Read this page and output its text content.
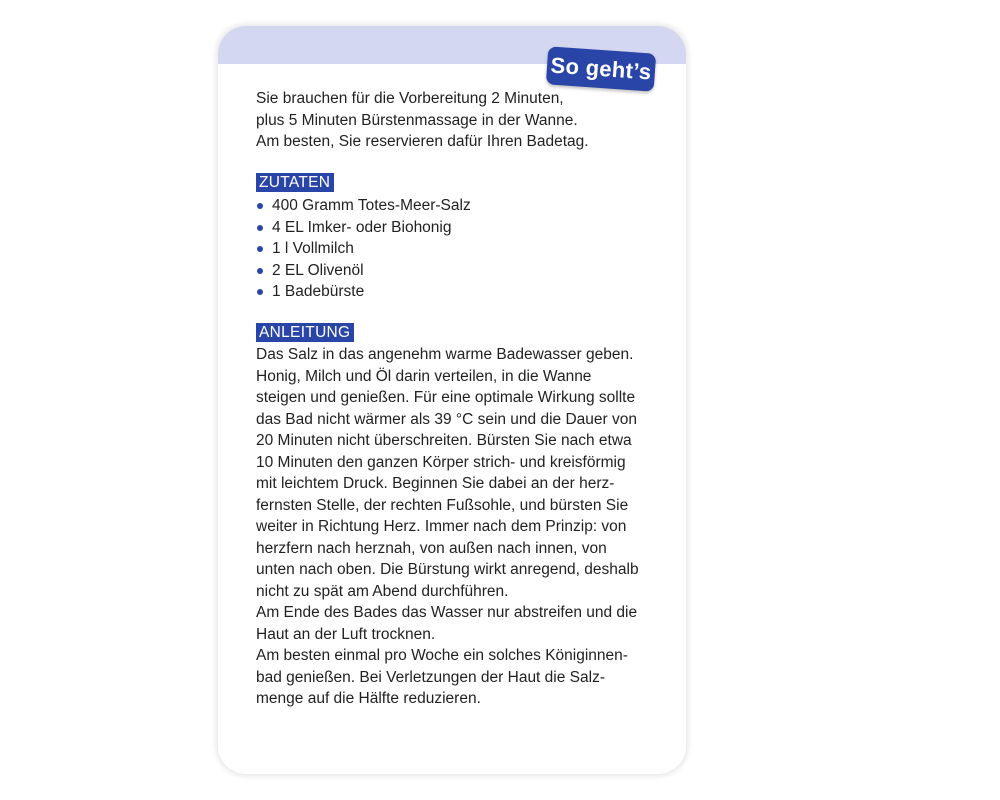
So geht’s
Sie brauchen für die Vorbereitung 2 Minuten,
plus 5 Minuten Bürstenmassage in der Wanne.
Am besten, Sie reservieren dafür Ihren Badetag.
ZUTATEN
400 Gramm Totes-Meer-Salz
4 EL Imker- oder Biohonig
1 l Vollmilch
2 EL Olivenöl
1 Badebürste
ANLEITUNG
Das Salz in das angenehm warme Badewasser geben.
Honig, Milch und Öl darin verteilen, in die Wanne
steigen und genießen. Für eine optimale Wirkung sollte
das Bad nicht wärmer als 39 °C sein und die Dauer von
20 Minuten nicht überschreiten. Bürsten Sie nach etwa
10 Minuten den ganzen Körper strich- und kreisförmig
mit leichtem Druck. Beginnen Sie dabei an der herz-
fernsten Stelle, der rechten Fußsohle, und bürsten Sie
weiter in Richtung Herz. Immer nach dem Prinzip: von
herzfern nach herznah, von außen nach innen, von
unten nach oben. Die Bürstung wirkt anregend, deshalb
nicht zu spät am Abend durchführen.
Am Ende des Bades das Wasser nur abstreifen und die
Haut an der Luft trocknen.
Am besten einmal pro Woche ein solches Königinnen-
bad genießen. Bei Verletzungen der Haut die Salz-
menge auf die Hälfte reduzieren.
